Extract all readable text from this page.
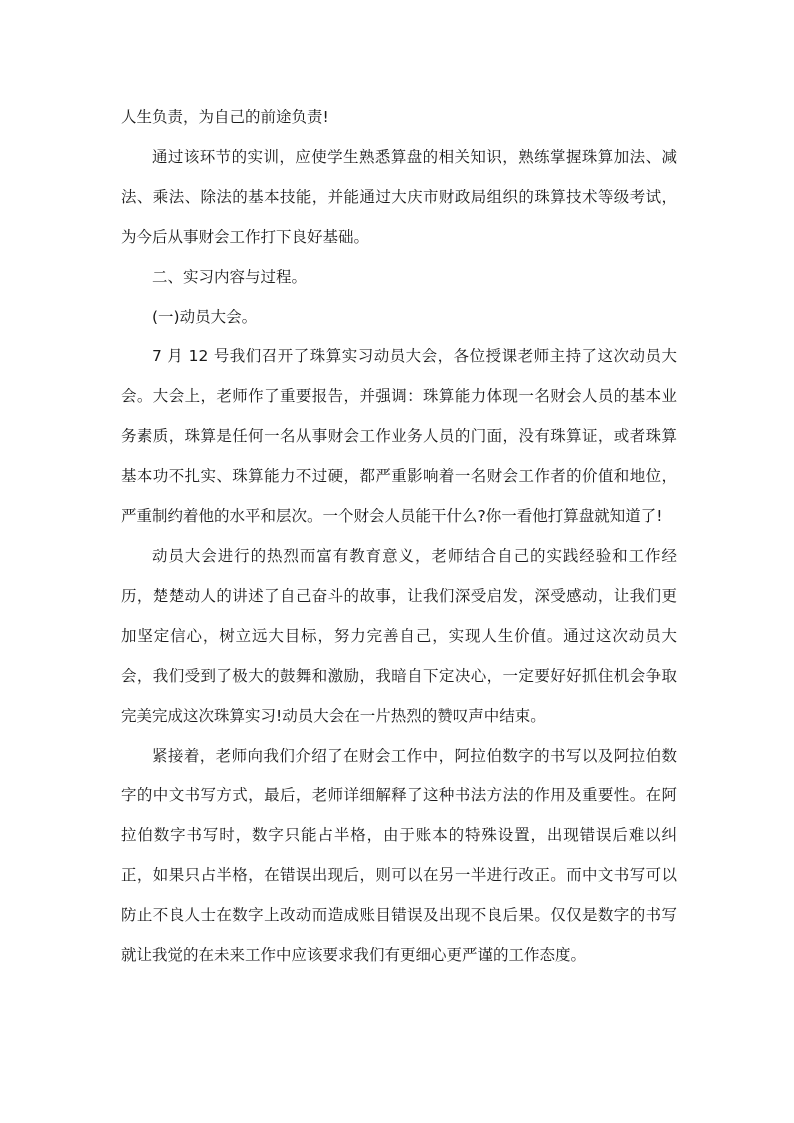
人生负责，为自己的前途负责!

通过该环节的实训，应使学生熟悉算盘的相关知识，熟练掌握珠算加法、减法、乘法、除法的基本技能，并能通过大庆市财政局组织的珠算技术等级考试，为今后从事财会工作打下良好基础。

二、实习内容与过程。

(一)动员大会。

7 月 12 号我们召开了珠算实习动员大会，各位授课老师主持了这次动员大会。大会上，老师作了重要报告，并强调：珠算能力体现一名财会人员的基本业务素质，珠算是任何一名从事财会工作业务人员的门面，没有珠算证，或者珠算基本功不扎实、珠算能力不过硬，都严重影响着一名财会工作者的价值和地位，严重制约着他的水平和层次。一个财会人员能干什么?你一看他打算盘就知道了!

动员大会进行的热烈而富有教育意义，老师结合自己的实践经验和工作经历，楚楚动人的讲述了自己奋斗的故事，让我们深受启发，深受感动，让我们更加坚定信心，树立远大目标，努力完善自己，实现人生价值。通过这次动员大会，我们受到了极大的鼓舞和激励，我暗自下定决心，一定要好好抓住机会争取完美完成这次珠算实习!动员大会在一片热烈的赞叹声中结束。

紧接着，老师向我们介绍了在财会工作中，阿拉伯数字的书写以及阿拉伯数字的中文书写方式，最后，老师详细解释了这种书法方法的作用及重要性。在阿拉伯数字书写时，数字只能占半格，由于账本的特殊设置，出现错误后难以纠正，如果只占半格，在错误出现后，则可以在另一半进行改正。而中文书写可以防止不良人士在数字上改动而造成账目错误及出现不良后果。仅仅是数字的书写就让我觉的在未来工作中应该要求我们有更细心更严谨的工作态度。
